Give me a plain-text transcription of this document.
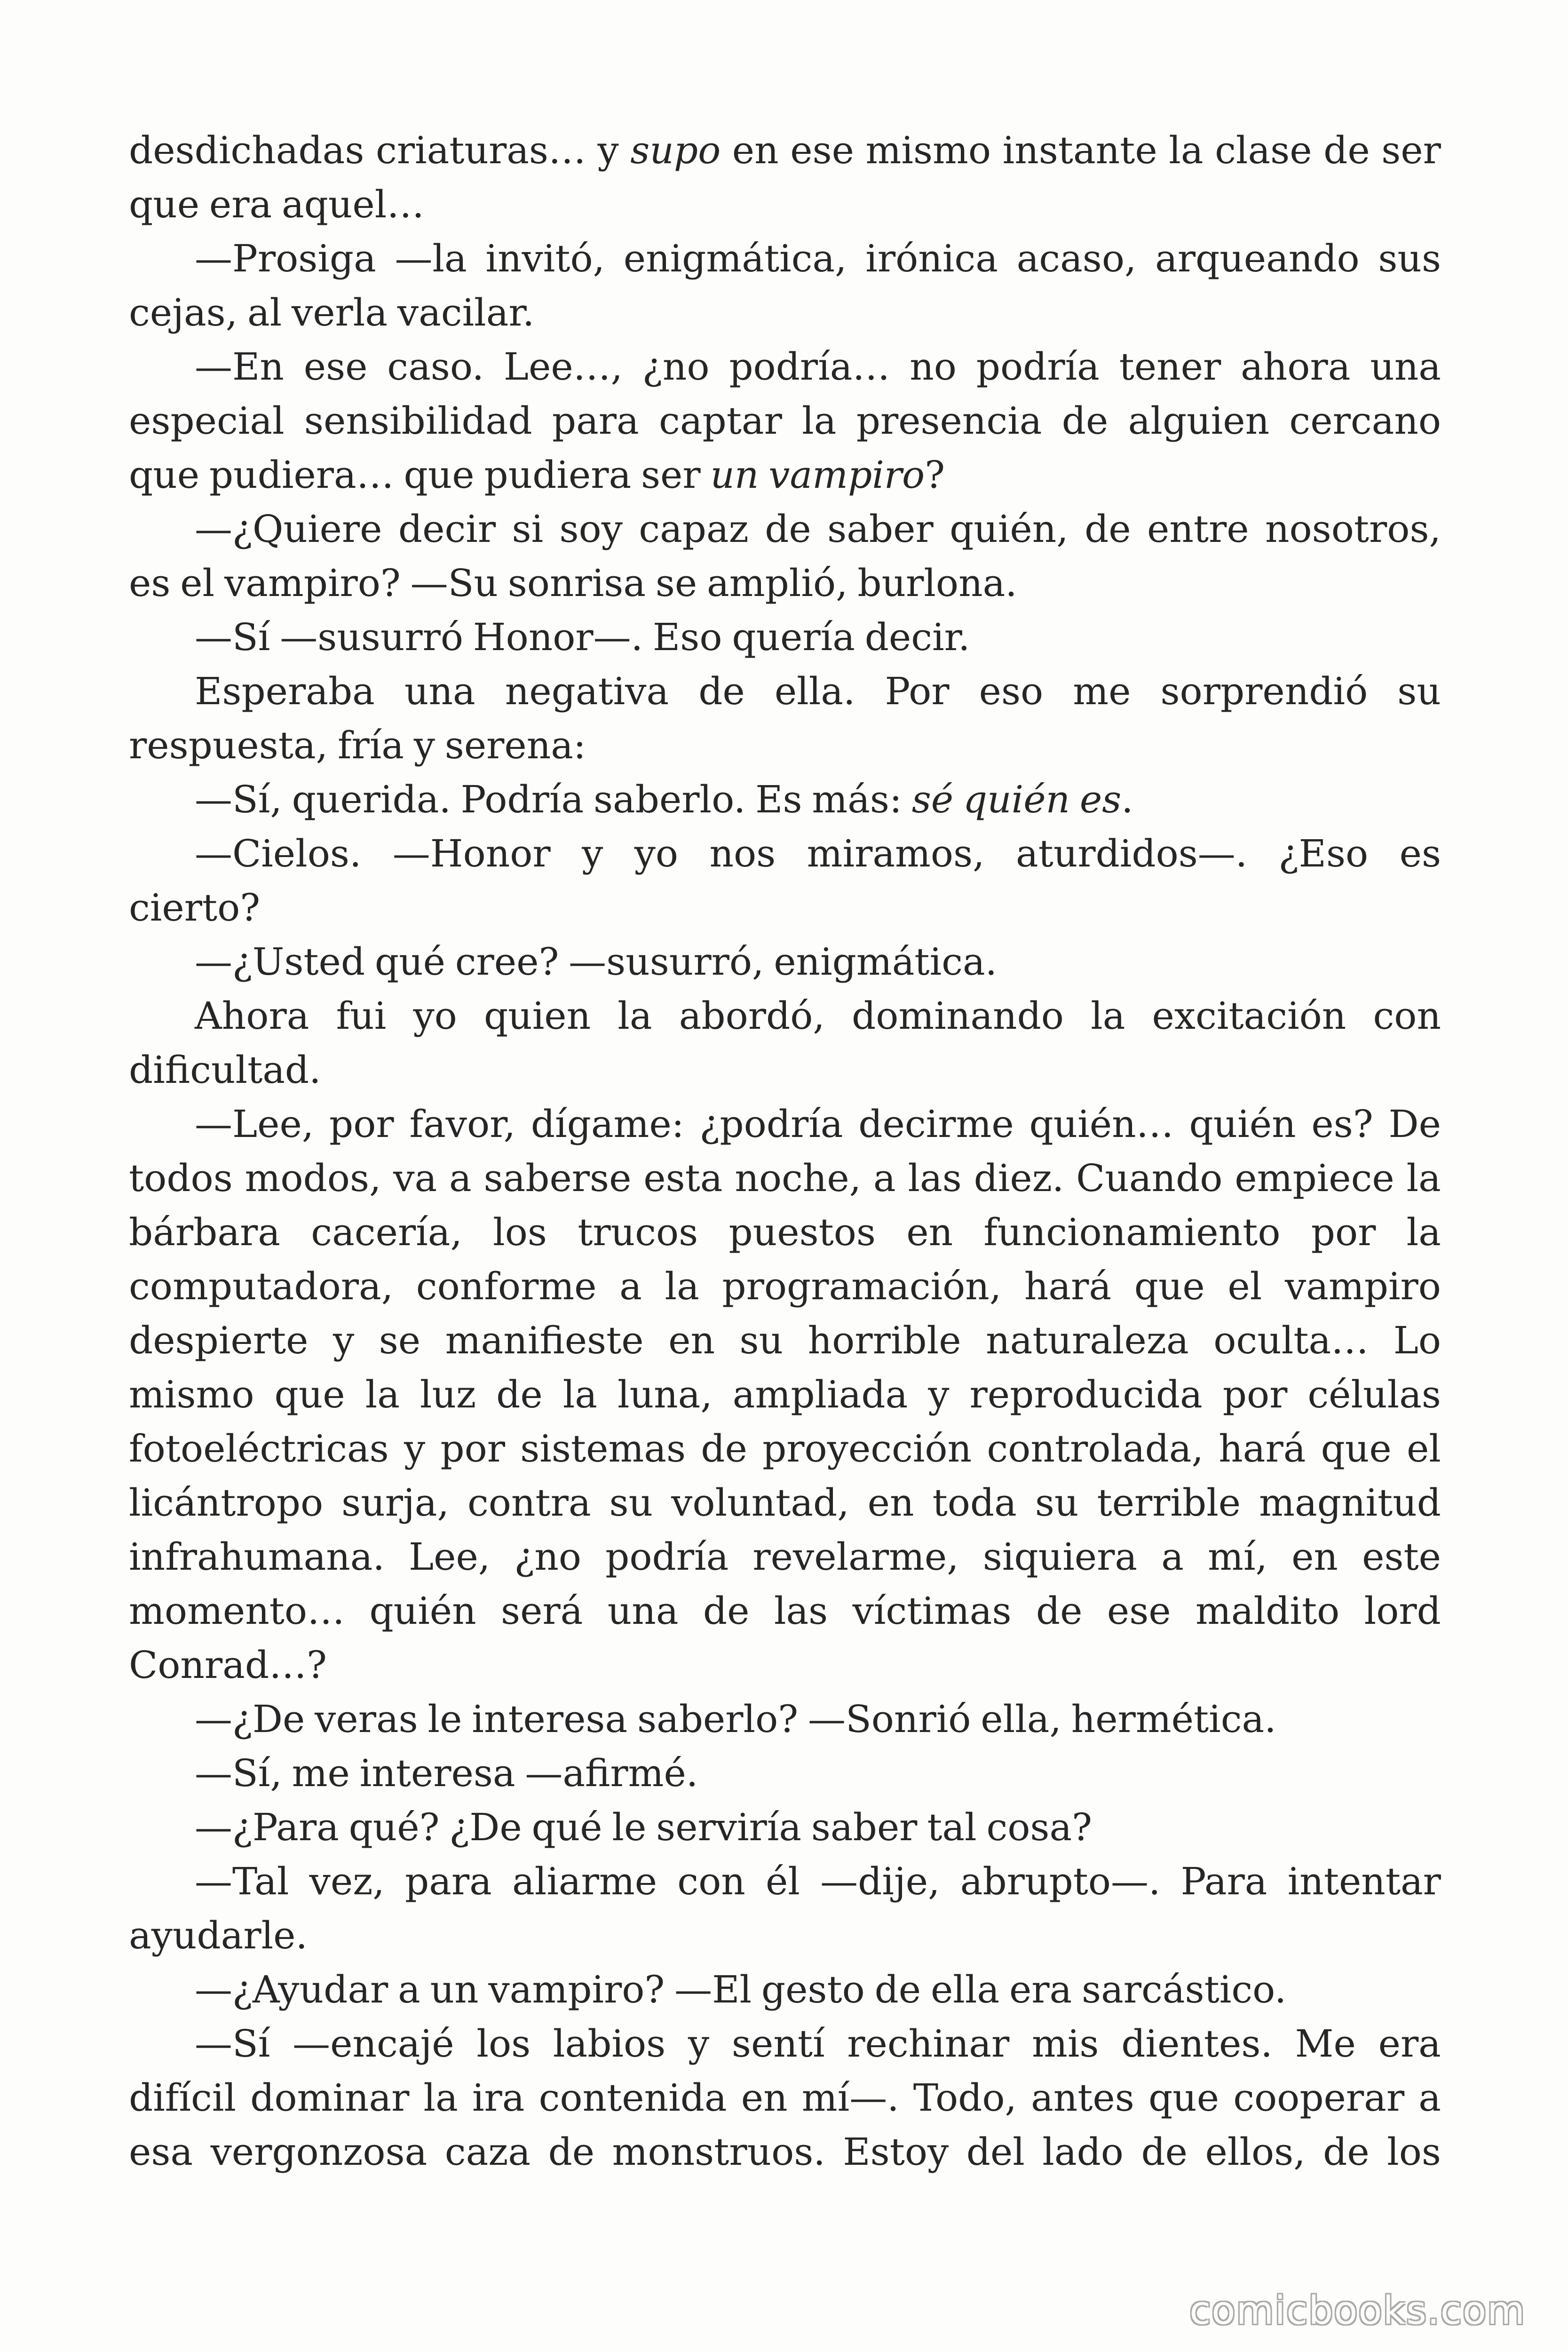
desdichadas criaturas… y supo en ese mismo instante la clase de ser
que era aquel…
—Prosiga —la invitó, enigmática, irónica acaso, arqueando sus
cejas, al verla vacilar.
—En ese caso. Lee…, ¿no podría… no podría tener ahora una
especial sensibilidad para captar la presencia de alguien cercano
que pudiera… que pudiera ser un vampiro?
—¿Quiere decir si soy capaz de saber quién, de entre nosotros,
es el vampiro? —Su sonrisa se amplió, burlona.
—Sí —susurró Honor—. Eso quería decir.
Esperaba una negativa de ella. Por eso me sorprendió su
respuesta, fría y serena:
—Sí, querida. Podría saberlo. Es más: sé quién es.
—Cielos. —Honor y yo nos miramos, aturdidos—. ¿Eso es
cierto?
—¿Usted qué cree? —susurró, enigmática.
Ahora fui yo quien la abordó, dominando la excitación con
dificultad.
—Lee, por favor, dígame: ¿podría decirme quién… quién es? De
todos modos, va a saberse esta noche, a las diez. Cuando empiece la
bárbara cacería, los trucos puestos en funcionamiento por la
computadora, conforme a la programación, hará que el vampiro
despierte y se manifieste en su horrible naturaleza oculta… Lo
mismo que la luz de la luna, ampliada y reproducida por células
fotoeléctricas y por sistemas de proyección controlada, hará que el
licántropo surja, contra su voluntad, en toda su terrible magnitud
infrahumana. Lee, ¿no podría revelarme, siquiera a mí, en este
momento… quién será una de las víctimas de ese maldito lord
Conrad…?
—¿De veras le interesa saberlo? —Sonrió ella, hermética.
—Sí, me interesa —afirmé.
—¿Para qué? ¿De qué le serviría saber tal cosa?
—Tal vez, para aliarme con él —dije, abrupto—. Para intentar
ayudarle.
—¿Ayudar a un vampiro? —El gesto de ella era sarcástico.
—Sí —encajé los labios y sentí rechinar mis dientes. Me era
difícil dominar la ira contenida en mí—. Todo, antes que cooperar a
esa vergonzosa caza de monstruos. Estoy del lado de ellos, de los
comicbooks.com
